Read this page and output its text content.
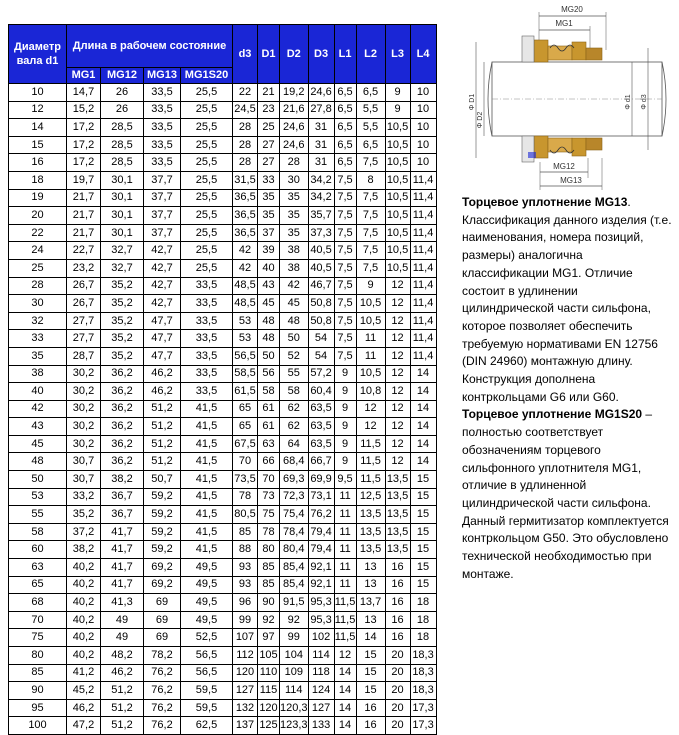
Диаметр вала d1	Длина в рабочем состояние				d3	D1	D2	D3	L1	L2	L3	L4
	MG1	MG12	MG13	MG1S20								
10	14,7	26	33,5	25,5	22	21	19,2	24,6	6,5	6,5	9	10
12	15,2	26	33,5	25,5	24,5	23	21,6	27,8	6,5	5,5	9	10
14	17,2	28,5	33,5	25,5	28	25	24,6	31	6,5	5,5	10,5	10
15	17,2	28,5	33,5	25,5	28	27	24,6	31	6,5	6,5	10,5	10
16	17,2	28,5	33,5	25,5	28	27	28	31	6,5	7,5	10,5	10
18	19,7	30,1	37,7	25,5	31,5	33	30	34,2	7,5	8	10,5	11,4
19	21,7	30,1	37,7	25,5	36,5	35	35	34,2	7,5	7,5	10,5	11,4
20	21,7	30,1	37,7	25,5	36,5	35	35	35,7	7,5	7,5	10,5	11,4
22	21,7	30,1	37,7	25,5	36,5	37	35	37,3	7,5	7,5	10,5	11,4
24	22,7	32,7	42,7	25,5	42	39	38	40,5	7,5	7,5	10,5	11,4
25	23,2	32,7	42,7	25,5	42	40	38	40,5	7,5	7,5	10,5	11,4
28	26,7	35,2	42,7	33,5	48,5	43	42	46,7	7,5	9	12	11,4
30	26,7	35,2	42,7	33,5	48,5	45	45	50,8	7,5	10,5	12	11,4
32	27,7	35,2	47,7	33,5	53	48	48	50,8	7,5	10,5	12	11,4
33	27,7	35,2	47,7	33,5	53	48	50	54	7,5	11	12	11,4
35	28,7	35,2	47,7	33,5	56,5	50	52	54	7,5	11	12	11,4
38	30,2	36,2	46,2	33,5	58,5	56	55	57,2	9	10,5	12	14
40	30,2	36,2	46,2	33,5	61,5	58	58	60,4	9	10,8	12	14
42	30,2	36,2	51,2	41,5	65	61	62	63,5	9	12	12	14
43	30,2	36,2	51,2	41,5	65	61	62	63,5	9	12	12	14
45	30,2	36,2	51,2	41,5	67,5	63	64	63,5	9	11,5	12	14
48	30,7	36,2	51,2	41,5	70	66	68,4	66,7	9	11,5	12	14
50	30,7	38,2	50,7	41,5	73,5	70	69,3	69,9	9,5	11,5	13,5	15
53	33,2	36,7	59,2	41,5	78	73	72,3	73,1	11	12,5	13,5	15
55	35,2	36,7	59,2	41,5	80,5	75	75,4	76,2	11	13,5	13,5	15
58	37,2	41,7	59,2	41,5	85	78	78,4	79,4	11	13,5	13,5	15
60	38,2	41,7	59,2	41,5	88	80	80,4	79,4	11	13,5	13,5	15
63	40,2	41,7	69,2	49,5	93	85	85,4	92,1	11	13	16	15
65	40,2	41,7	69,2	49,5	93	85	85,4	92,1	11	13	16	15
68	40,2	41,3	69	49,5	96	90	91,5	95,3	11,5	13,7	16	18
70	40,2	49	69	49,5	99	92	92	95,3	11,5	13	16	18
75	40,2	49	69	52,5	107	97	99	102	11,5	14	16	18
80	40,2	48,2	78,2	56,5	112	105	104	114	12	15	20	18,3
85	41,2	46,2	76,2	56,5	120	110	109	118	14	15	20	18,3
90	45,2	51,2	76,2	59,5	127	115	114	124	14	15	20	18,3
95	46,2	51,2	76,2	59,5	132	120	120,3	127	14	16	20	17,3
100	47,2	51,2	76,2	62,5	137	125	123,3	133	14	16	20	17,3
MG20
MG1
Φ D1
Φ D2
Φ d1 Φ d3
MG12
MG13

Торцевое уплотнение MG13. Классификация данного изделия (т.е. наименования, номера позиций, размеры) аналогична классификации MG1. Отличие состоит в удлинении цилиндрической части сильфона, которое позволяет обеспечить требуемую нормативами EN 12756 (DIN 24960) монтажную длину. Конструкция дополнена контркольцами G6 или G60.

Торцевое уплотнение MG1S20 – полностью соответствует обозначениям торцевого сильфонного уплотнителя MG1, отличие в удлиненной цилиндрической части сильфона. Данный гермитизатор комплектуется контркольцом G50. Это обусловлено технической необходимостью при монтаже.
